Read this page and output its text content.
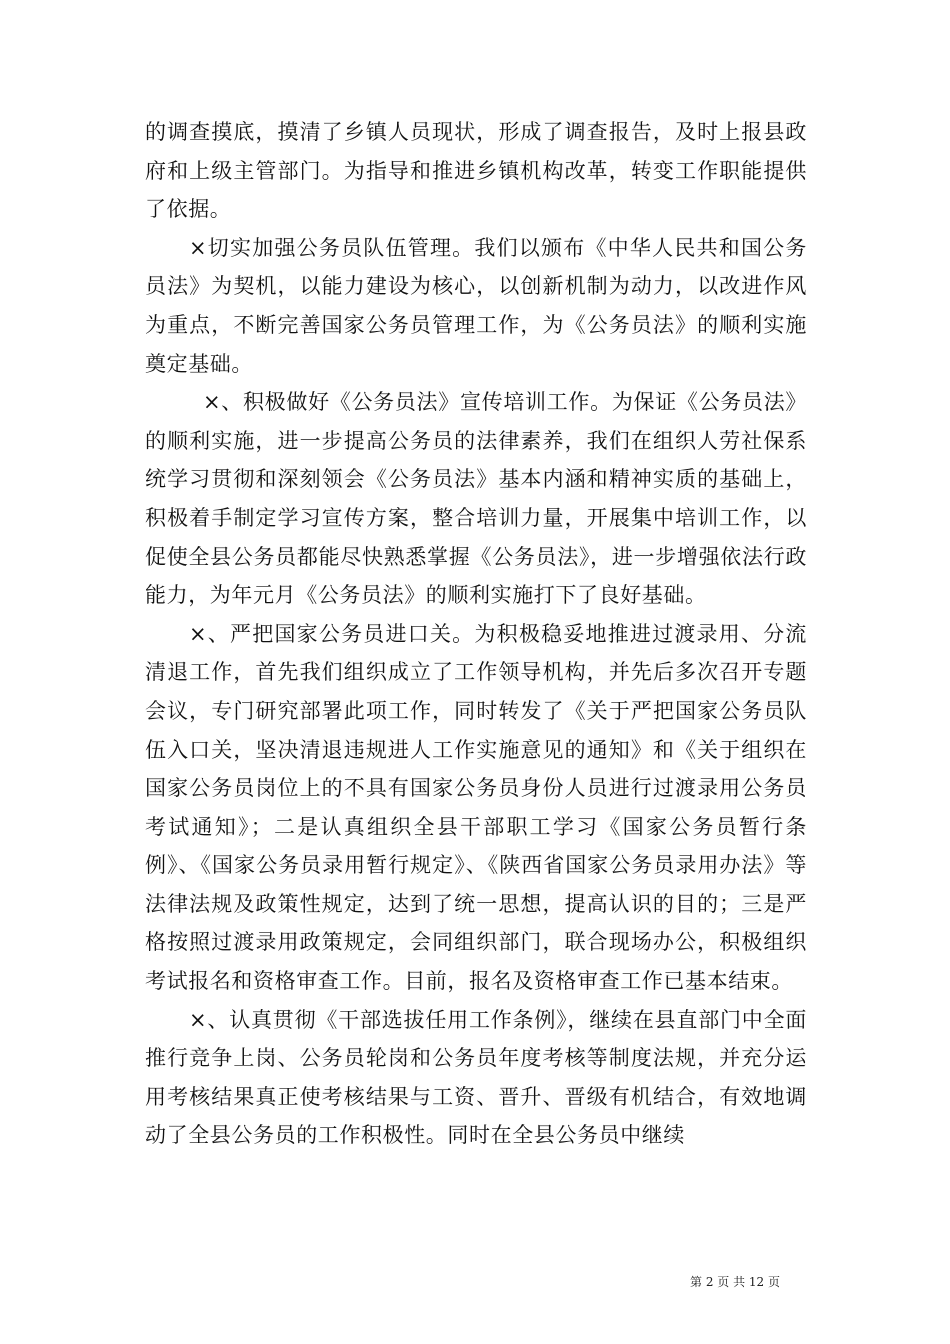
的调查摸底，摸清了乡镇人员现状，形成了调查报告，及时上报县政府和上级主管部门。为指导和推进乡镇机构改革，转变工作职能提供了依据。

×切实加强公务员队伍管理。我们以颁布《中华人民共和国公务员法》为契机，以能力建设为核心，以创新机制为动力，以改进作风为重点，不断完善国家公务员管理工作，为《公务员法》的顺利实施奠定基础。

×、积极做好《公务员法》宣传培训工作。为保证《公务员法》的顺利实施，进一步提高公务员的法律素养，我们在组织人劳社保系统学习贯彻和深刻领会《公务员法》基本内涵和精神实质的基础上，积极着手制定学习宣传方案，整合培训力量，开展集中培训工作，以促使全县公务员都能尽快熟悉掌握《公务员法》，进一步增强依法行政能力，为年元月《公务员法》的顺利实施打下了良好基础。

×、严把国家公务员进口关。为积极稳妥地推进过渡录用、分流清退工作，首先我们组织成立了工作领导机构，并先后多次召开专题会议，专门研究部署此项工作，同时转发了《关于严把国家公务员队伍入口关，坚决清退违规进人工作实施意见的通知》和《关于组织在国家公务员岗位上的不具有国家公务员身份人员进行过渡录用公务员考试通知》；二是认真组织全县干部职工学习《国家公务员暂行条例》、《国家公务员录用暂行规定》、《陕西省国家公务员录用办法》等法律法规及政策性规定，达到了统一思想，提高认识的目的；三是严格按照过渡录用政策规定，会同组织部门，联合现场办公，积极组织考试报名和资格审查工作。目前，报名及资格审查工作已基本结束。

×、认真贯彻《干部选拔任用工作条例》，继续在县直部门中全面推行竞争上岗、公务员轮岗和公务员年度考核等制度法规，并充分运用考核结果真正使考核结果与工资、晋升、晋级有机结合，有效地调动了全县公务员的工作积极性。同时在全县公务员中继续

第 2 页 共 12 页
